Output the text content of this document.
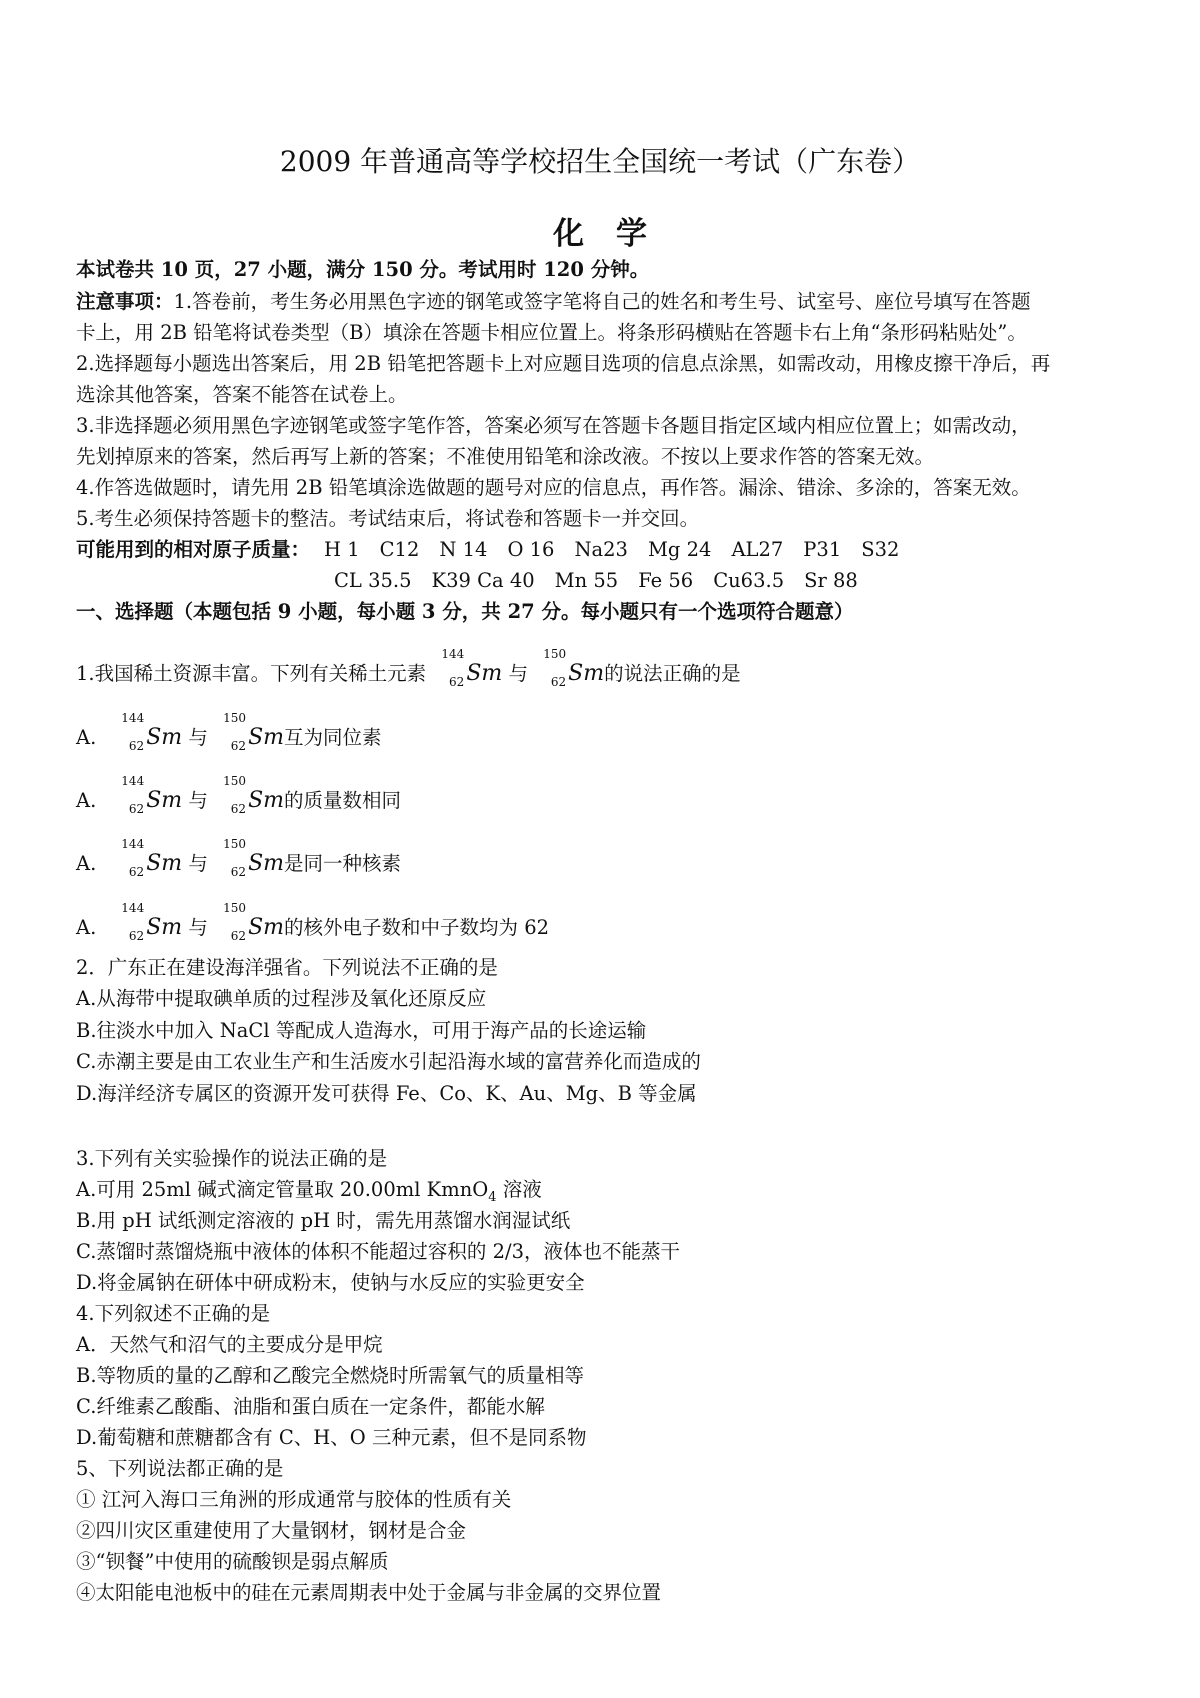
2009 年普通高等学校招生全国统一考试（广东卷）
化学
本试卷共 10 页，27 小题，满分 150 分。考试用时 120 分钟。
注意事项：1.答卷前，考生务必用黑色字迹的钢笔或签字笔将自己的姓名和考生号、试室号、座位号填写在答题
卡上，用 2B 铅笔将试卷类型（B）填涂在答题卡相应位置上。将条形码横贴在答题卡右上角“条形码粘贴处”。
2.选择题每小题选出答案后，用 2B 铅笔把答题卡上对应题目选项的信息点涂黑，如需改动，用橡皮擦干净后，再
选涂其他答案，答案不能答在试卷上。
3.非选择题必须用黑色字迹钢笔或签字笔作答，答案必须写在答题卡各题目指定区域内相应位置上；如需改动，
先划掉原来的答案，然后再写上新的答案；不准使用铅笔和涂改液。不按以上要求作答的答案无效。
4.作答选做题时，请先用 2B 铅笔填涂选做题的题号对应的信息点，再作答。漏涂、错涂、多涂的，答案无效。
5.考生必须保持答题卡的整洁。考试结束后，将试卷和答题卡一并交回。
可能用到的相对原子质量： H 1 C12 N 14 O 16 Na23 Mg 24 AL27 P31 S32
CL 35.5 K39 Ca 40 Mn 55 Fe 56 Cu63.5 Sr 88
一、选择题（本题包括 9 小题，每小题 3 分，共 27 分。每小题只有一个选项符合题意）
1.我国稀土资源丰富。下列有关稀土元素
144
62 Sm 与
150
62 Sm的说法正确的是
A.
144
62 Sm 与
150
62 Sm互为同位素
A.
144
62 Sm 与
150
62 Sm的质量数相同
A.
144
62 Sm 与
150
62 Sm是同一种核素
A.
144
62 Sm 与
150
62 Sm的核外电子数和中子数均为 62
2．广东正在建设海洋强省。下列说法不正确的是
A.从海带中提取碘单质的过程涉及氧化还原反应
B.往淡水中加入 NaCl 等配成人造海水，可用于海产品的长途运输
C.赤潮主要是由工农业生产和生活废水引起沿海水域的富营养化而造成的
D.海洋经济专属区的资源开发可获得 Fe、Co、K、Au、Mg、B 等金属
3.下列有关实验操作的说法正确的是
A.可用 25ml 碱式滴定管量取 20.00ml KmnO$_4$ 溶液
B.用 pH 试纸测定溶液的 pH 时，需先用蒸馏水润湿试纸
C.蒸馏时蒸馏烧瓶中液体的体积不能超过容积的 2/3，液体也不能蒸干
D.将金属钠在研体中研成粉末，使钠与水反应的实验更安全
4.下列叙述不正确的是
A．天然气和沼气的主要成分是甲烷
B.等物质的量的乙醇和乙酸完全燃烧时所需氧气的质量相等
C.纤维素乙酸酯、油脂和蛋白质在一定条件，都能水解
D.葡萄糖和蔗糖都含有 C、H、O 三种元素，但不是同系物
5、下列说法都正确的是
① 江河入海口三角洲的形成通常与胶体的性质有关
②四川灾区重建使用了大量钢材，钢材是合金
③“钡餐”中使用的硫酸钡是弱点解质
④太阳能电池板中的硅在元素周期表中处于金属与非金属的交界位置
